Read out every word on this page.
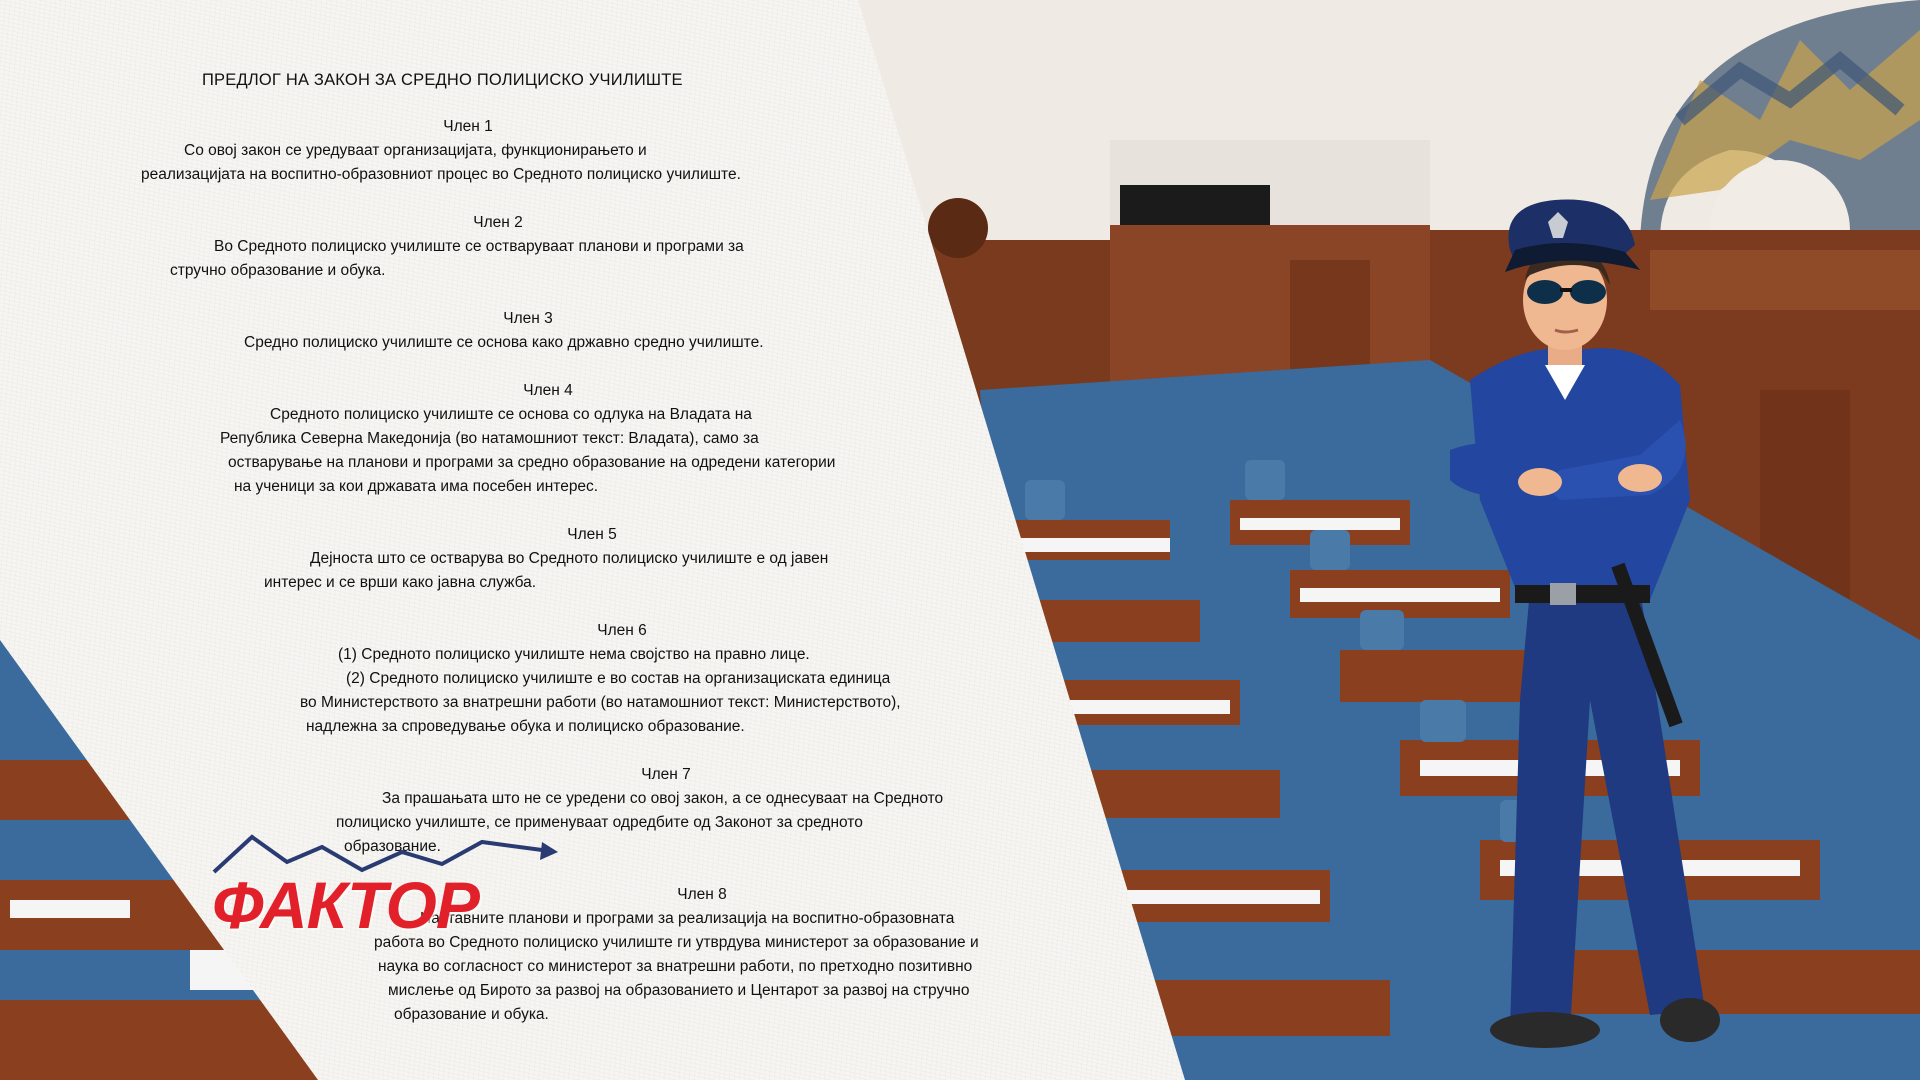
ПРЕДЛОГ НА ЗАКОН ЗА СРЕДНО ПОЛИЦИСКО УЧИЛИШТЕ
Член 1
Со овој закон се уредуваат организацијата, функционирањето и
реализацијата на воспитно-образовниот процес во Средното полициско училиште.
Член 2
Во Средното полициско училиште се остваруваат планови и програми за
стручно образование и обука.
Член 3
Средно полициско училиште се основа како државно средно училиште.
Член 4
Средното полициско училиште се основа со одлука на Владата на
Република Северна Македонија (во натамошниот текст: Владата), само за
остварување на планови и програми за средно образование на одредени категории
на ученици за кои државата има посебен интерес.
Член 5
Дејноста што се остварува во Средното полициско училиште е од јавен
интерес и се врши како јавна служба.
Член 6
(1) Средното полициско училиште нема својство на правно лице.
(2) Средното полициско училиште е во состав на организациската единица
во Министерството за внатрешни работи (во натамошниот текст: Министерството),
надлежна за спроведување обука и полициско образование.
Член 7
За прашањата што не се уредени со овој закон, а се однесуваат на Средното
полициско училиште, се применуваат одредбите од Законот за средното
образование.
Член 8
Наставните планови и програми за реализација на воспитно-образовната
работа во Средното полициско училиште ги утврдува министерот за образование и
наука во согласност со министерот за внатрешни работи, по претходно позитивно
мислење од Бирото за развој на образованието и Центарот за развој на стручно
образование и обука.
ФАКТОР
